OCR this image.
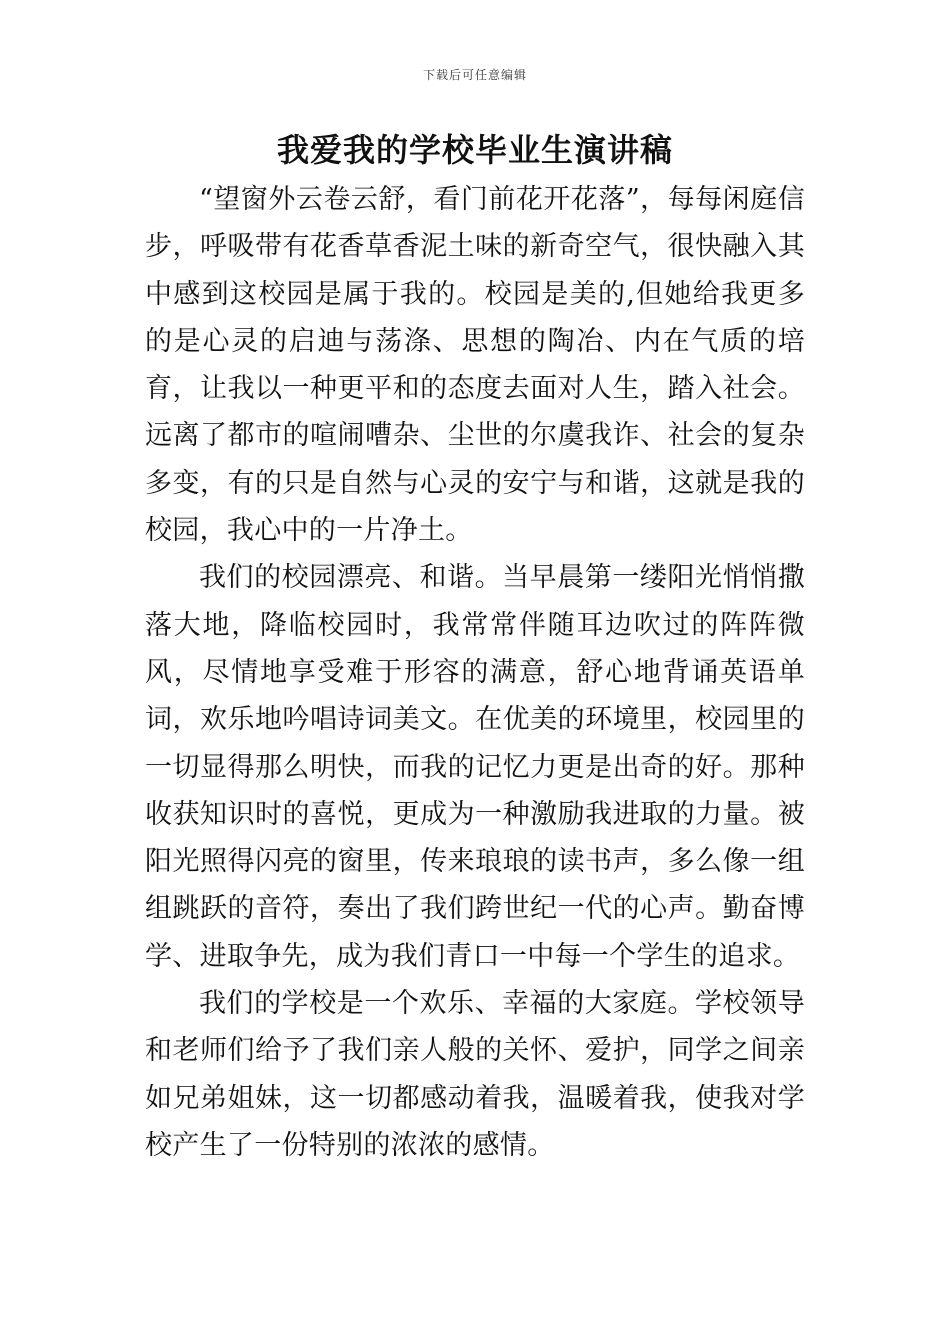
下载后可任意编辑
我爱我的学校毕业生演讲稿

“望窗外云卷云舒，看门前花开花落”，每每闲庭信步，呼吸带有花香草香泥土味的新奇空气，很快融入其中感到这校园是属于我的。校园是美的,但她给我更多的是心灵的启迪与荡涤、思想的陶冶、内在气质的培育，让我以一种更平和的态度去面对人生，踏入社会。远离了都市的喧闹嘈杂、尘世的尔虞我诈、社会的复杂多变，有的只是自然与心灵的安宁与和谐，这就是我的校园，我心中的一片净土。

我们的校园漂亮、和谐。当早晨第一缕阳光悄悄撒落大地，降临校园时，我常常伴随耳边吹过的阵阵微风，尽情地享受难于形容的满意，舒心地背诵英语单词，欢乐地吟唱诗词美文。在优美的环境里，校园里的一切显得那么明快，而我的记忆力更是出奇的好。那种收获知识时的喜悦，更成为一种激励我进取的力量。被阳光照得闪亮的窗里，传来琅琅的读书声，多么像一组组跳跃的音符，奏出了我们跨世纪一代的心声。勤奋博学、进取争先，成为我们青口一中每一个学生的追求。

我们的学校是一个欢乐、幸福的大家庭。学校领导和老师们给予了我们亲人般的关怀、爱护，同学之间亲如兄弟姐妹，这一切都感动着我，温暖着我，使我对学校产生了一份特别的浓浓的感情。
